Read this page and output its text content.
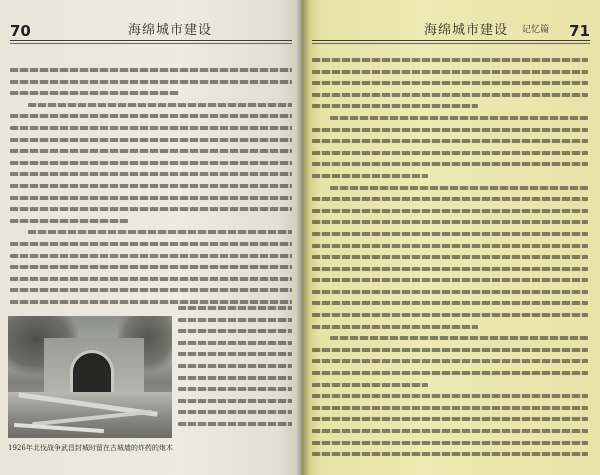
70	海绵城市建设
1926年北伐战争武昌封城时留在古城墙的炸药的炮木
海绵城市建设 记忆篇 71
